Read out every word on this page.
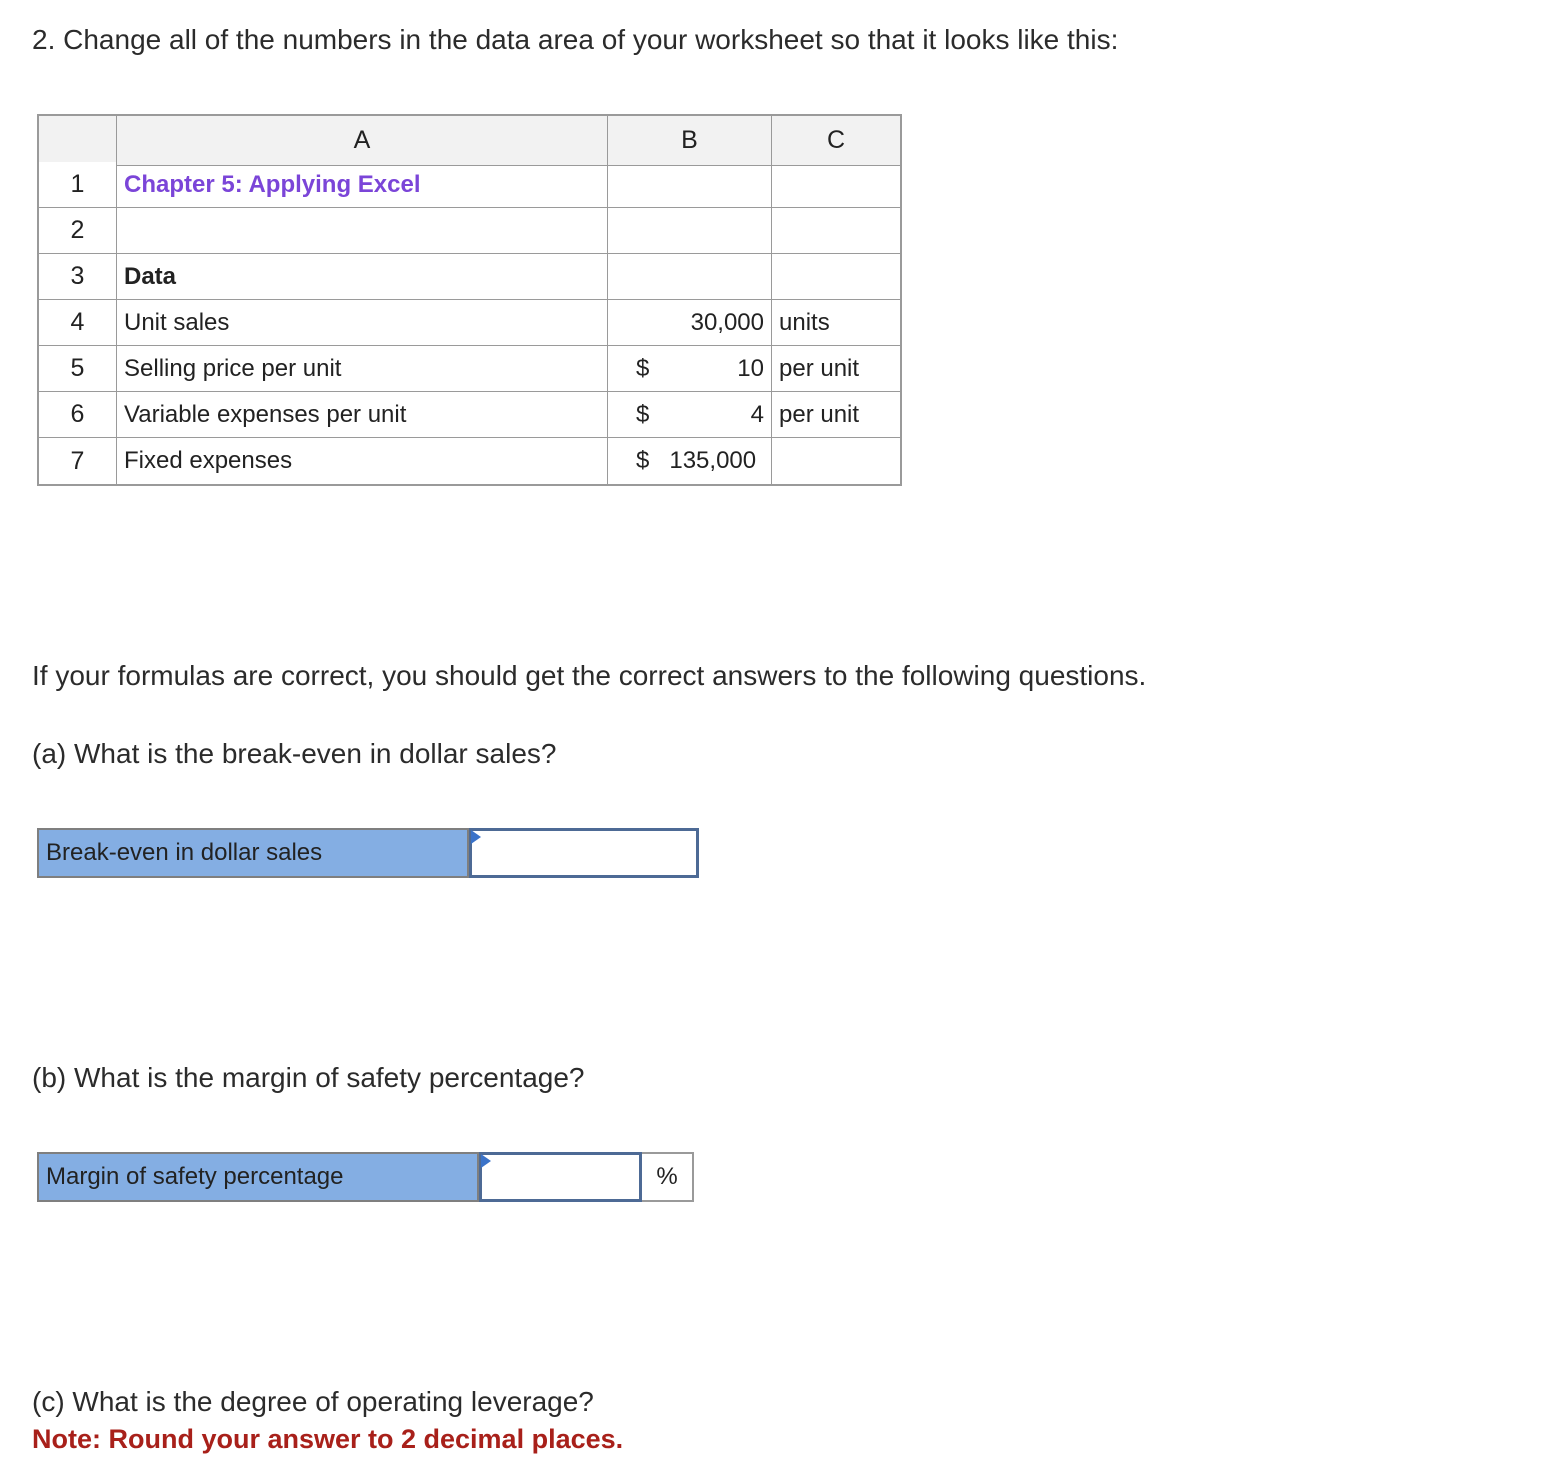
2. Change all of the numbers in the data area of your worksheet so that it looks like this:
A	B	C
1	Chapter 5: Applying Excel
2
3	Data
4	Unit sales	30,000 units
5	Selling price per unit	$	10 per unit
6	Variable expenses per unit	$	4 per unit
7	Fixed expenses	$ 135,000
If your formulas are correct, you should get the correct answers to the following questions.
(a) What is the break-even in dollar sales?
Break-even in dollar sales
(b) What is the margin of safety percentage?
Margin of safety percentage	%
(c) What is the degree of operating leverage?
Note: Round your answer to 2 decimal places.
